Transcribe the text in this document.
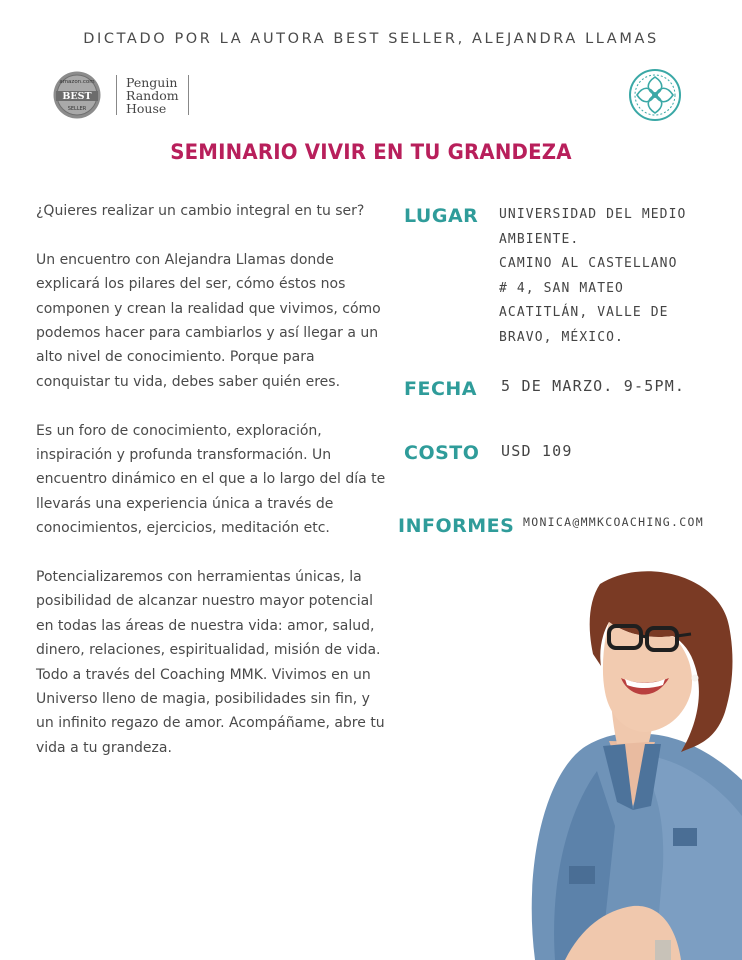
DICTADO POR LA AUTORA BEST SELLER, ALEJANDRA LLAMAS
amazon.com
BEST
SELLER
Penguin
Random
House
SEMINARIO VIVIR EN TU GRANDEZA

¿Quieres realizar un cambio integral en tu ser?

Un encuentro con Alejandra Llamas donde explicará los pilares del ser, cómo éstos nos componen y crean la realidad que vivimos, cómo podemos hacer para cambiarlos y así llegar a un alto nivel de conocimiento. Porque para conquistar tu vida, debes saber quién eres.

Es un foro de conocimiento, exploración, inspiración y profunda transformación. Un encuentro dinámico en el que a lo largo del día te llevarás una experiencia única a través de conocimientos, ejercicios, meditación etc.

Potencializaremos con herramientas únicas, la posibilidad de alcanzar nuestro mayor potencial en todas las áreas de nuestra vida: amor, salud, dinero, relaciones, espiritualidad, misión de vida. Todo a través del Coaching MMK. Vivimos en un Universo lleno de magia, posibilidades sin fin, y un infinito regazo de amor. Acompáñame, abre tu vida a tu grandeza.

LUGAR UNIVERSIDAD DEL MEDIO
AMBIENTE.
CAMINO AL CASTELLANO
# 4, SAN MATEO
ACATITLÁN, VALLE DE
BRAVO, MÉXICO.
FECHA 5 DE MARZO. 9-5PM.
COSTO USD 109
INFORMES MONICA@MMKCOACHING.COM
